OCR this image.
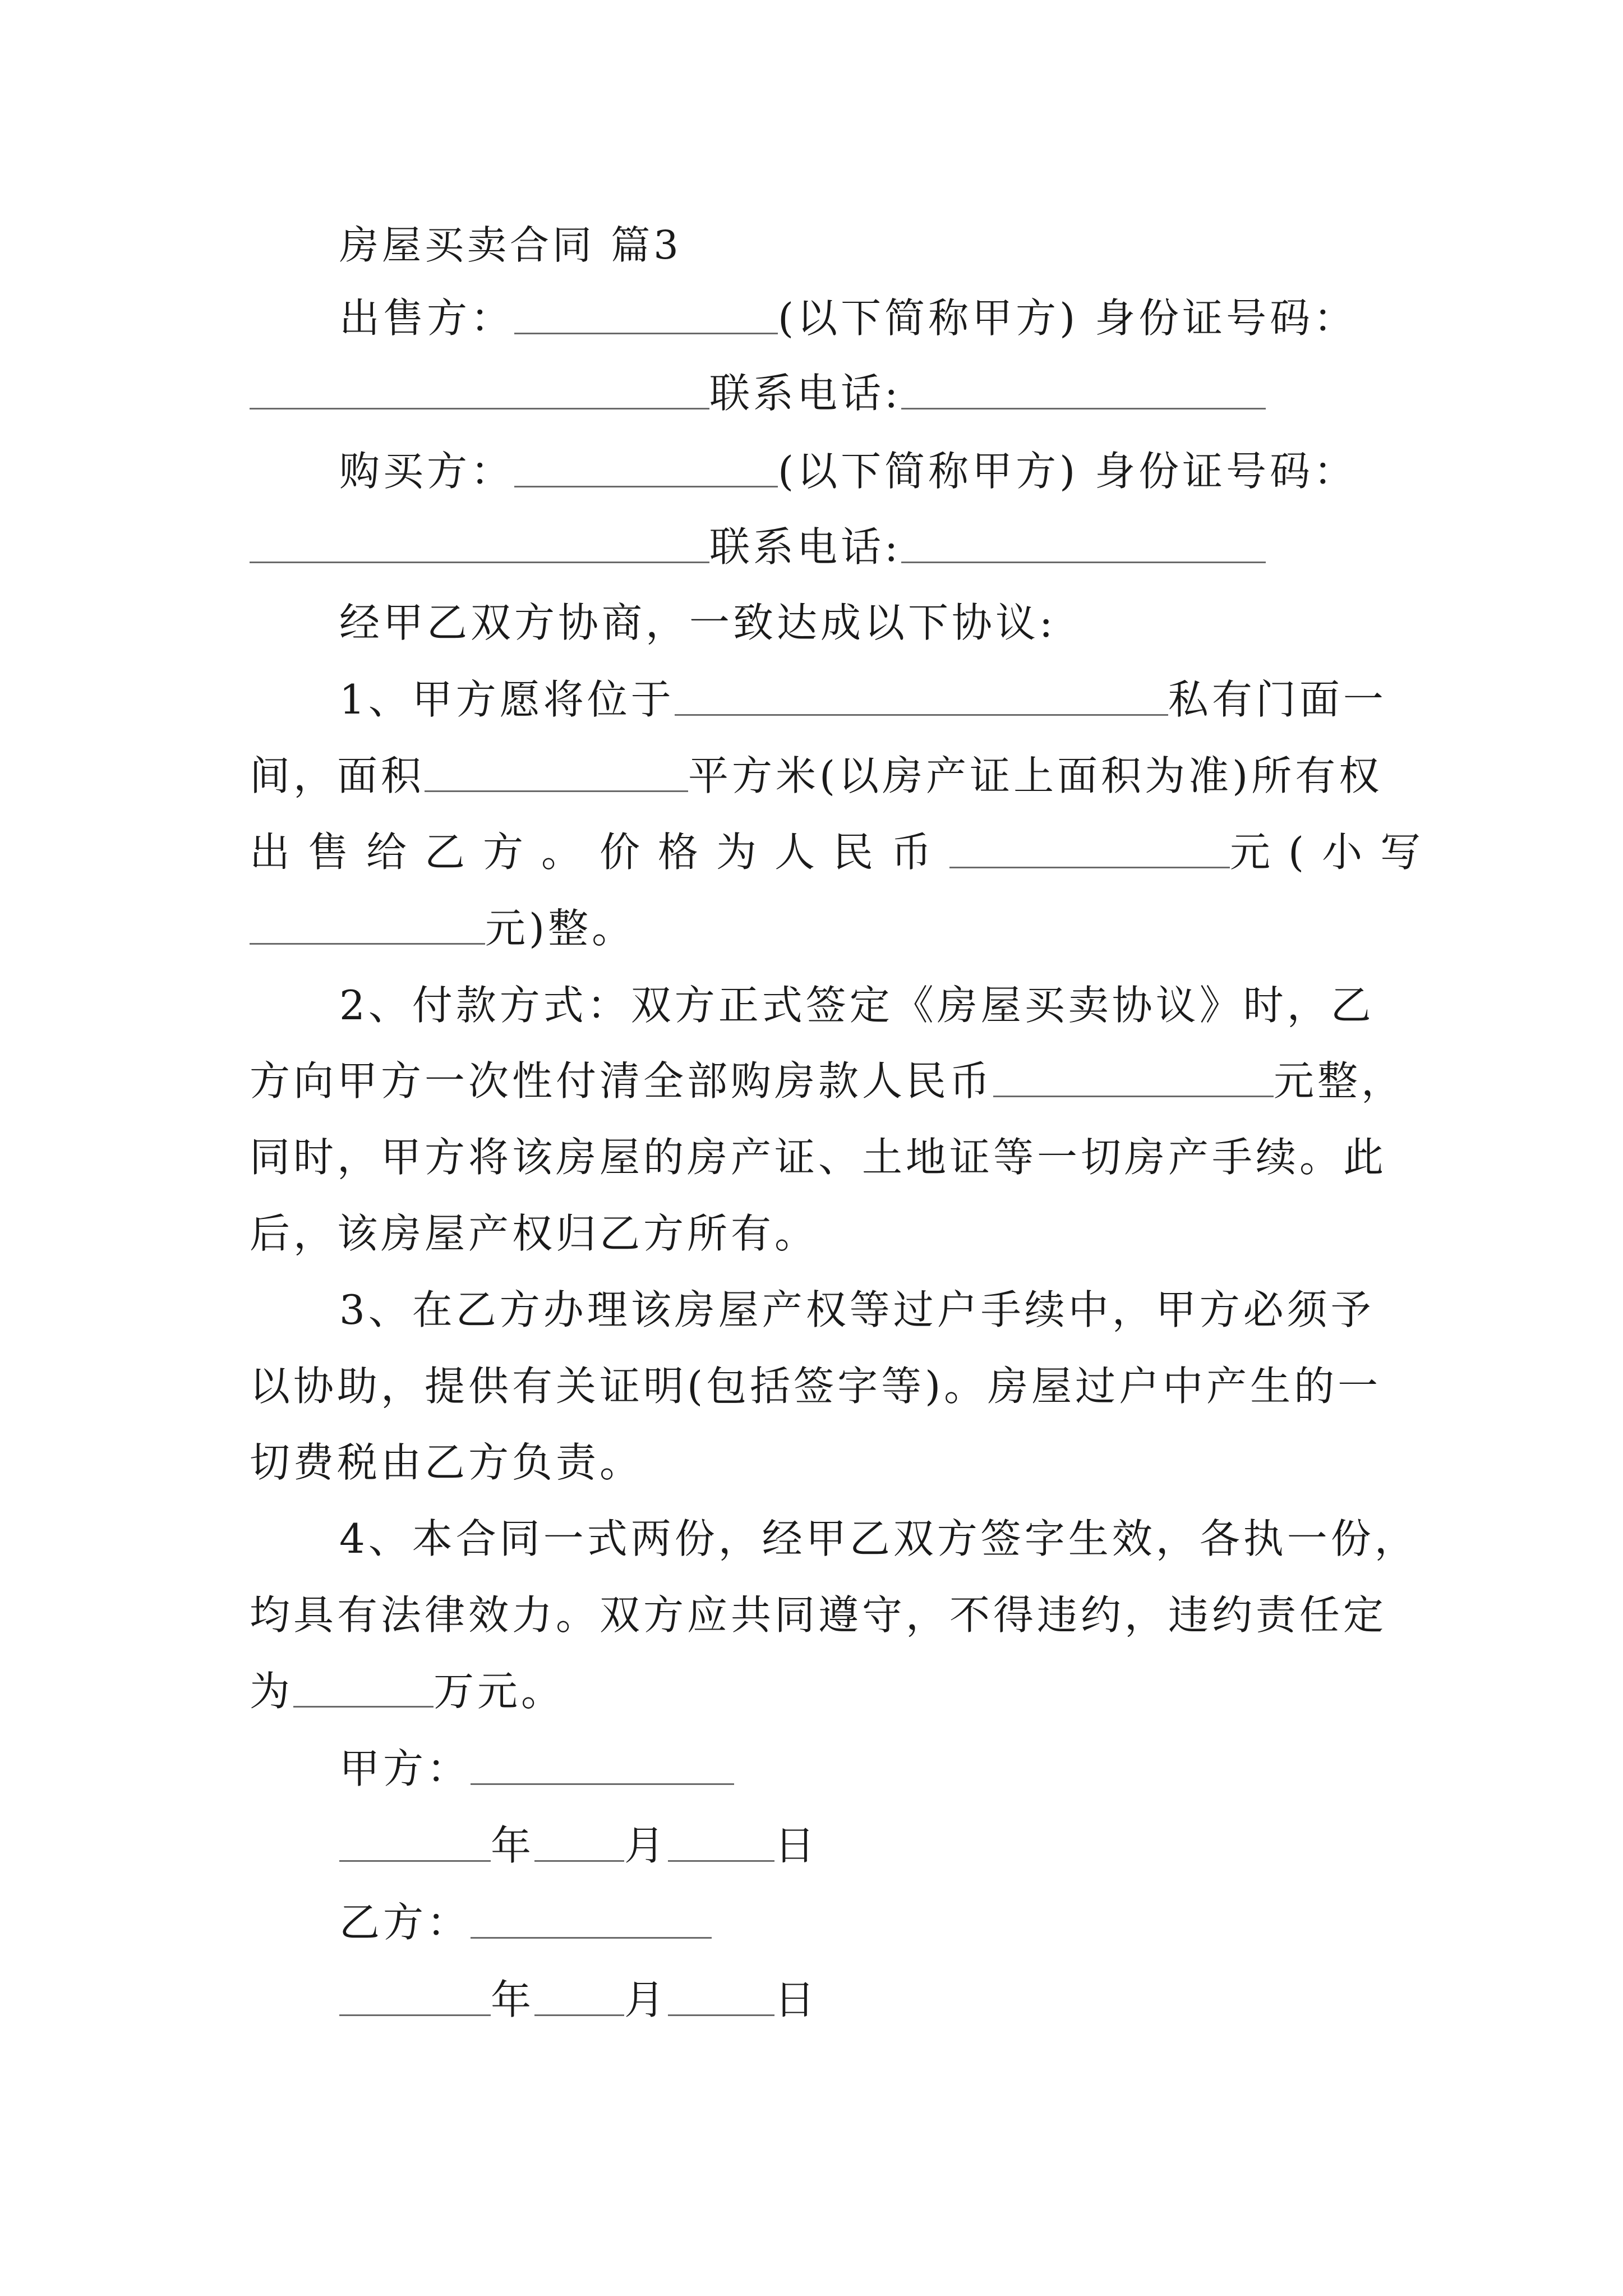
房屋买卖合同 篇3
出售方：	(以下简称甲方) 身份证号码：
联系电话:
购买方：	(以下简称甲方) 身份证号码：
联系电话:
经甲乙双方协商，一致达成以下协议:
1、甲方愿将位于	私有门面一
间，面积	平方米(以房产证上面积为准)所有权
出售给乙方。价格为人民币	元(小写
元)整。
2、付款方式：双方正式签定《房屋买卖协议》时，乙
方向甲方一次性付清全部购房款人民币	元整，
同时，甲方将该房屋的房产证、土地证等一切房产手续。此
后，该房屋产权归乙方所有。
3、在乙方办理该房屋产权等过户手续中，甲方必须予
以协助，提供有关证明(包括签字等)。房屋过户中产生的一
切费税由乙方负责。
4、本合同一式两份，经甲乙双方签字生效，各执一份，
均具有法律效力。双方应共同遵守，不得违约，违约责任定
为	万元。
甲方：
年 月	日
乙方：
年 月	日
